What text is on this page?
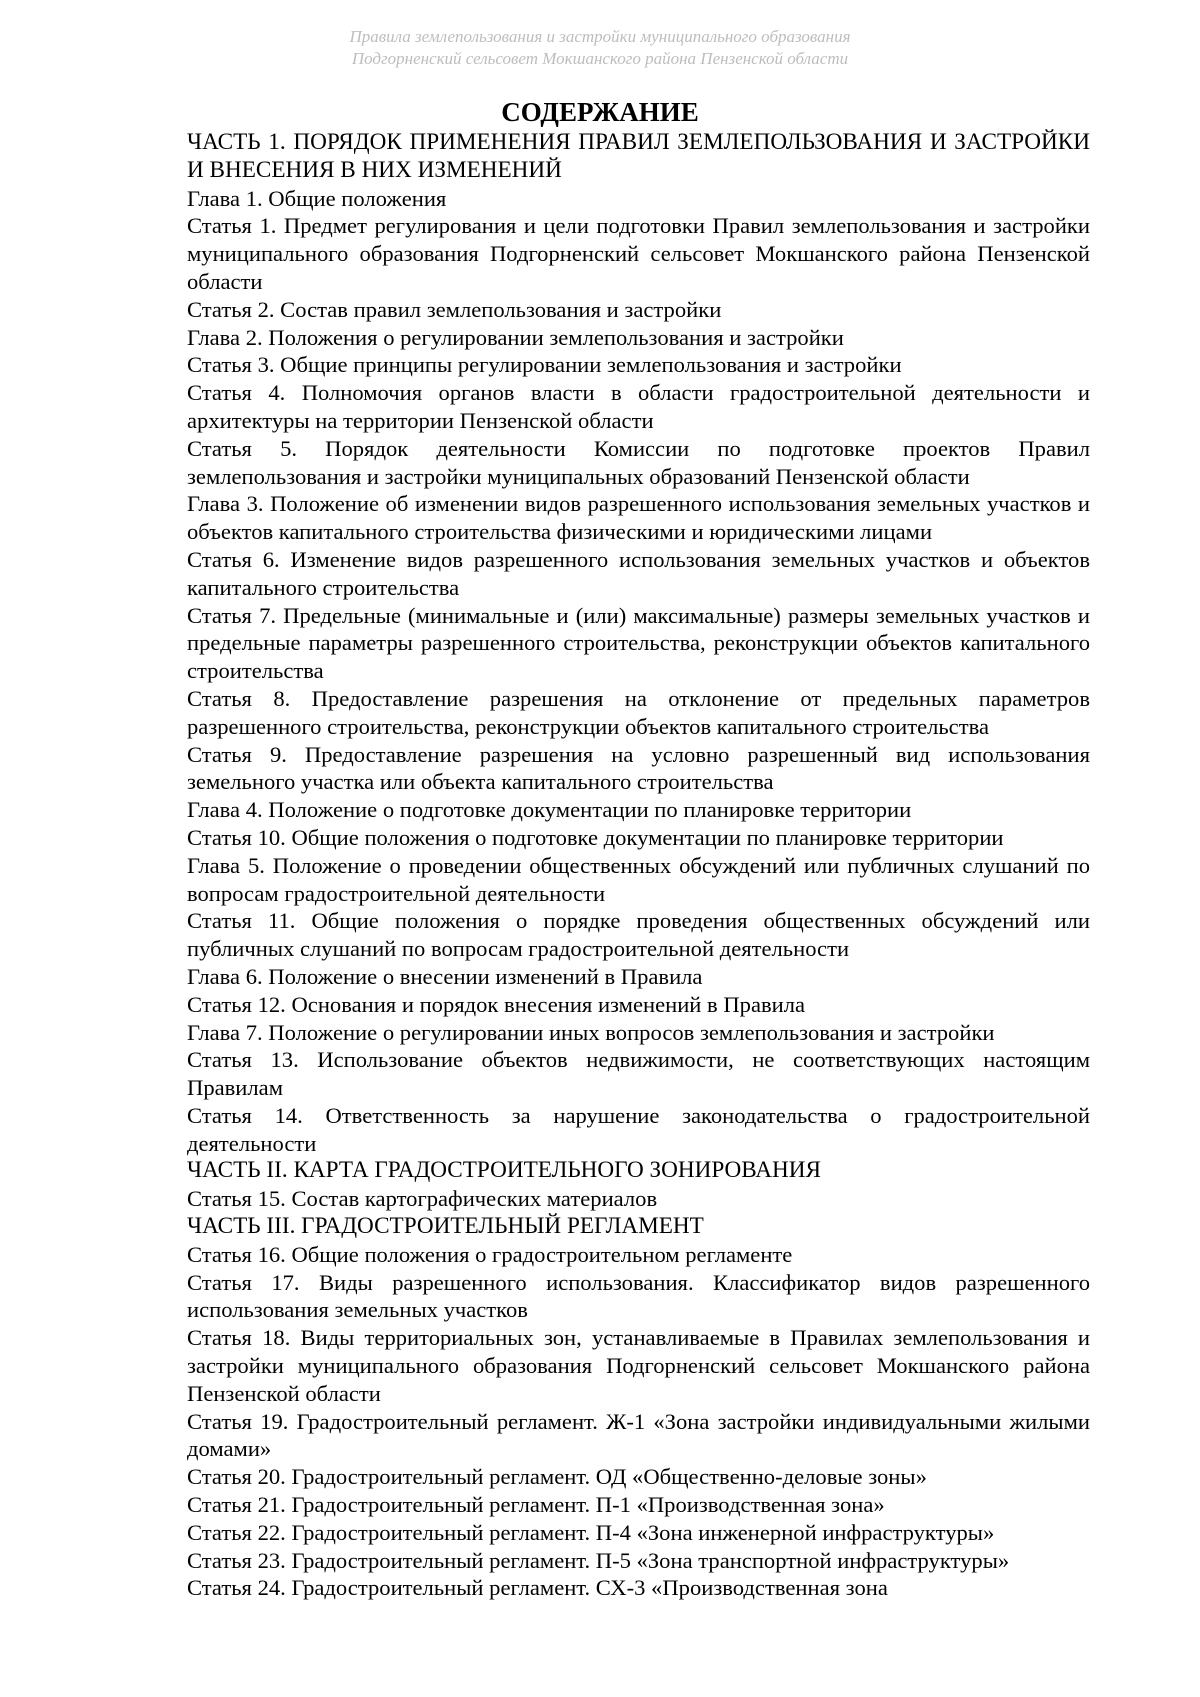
Правила землепользования и застройки муниципального образования
Подгорненский сельсовет Мокшанского района Пензенской области
СОДЕРЖАНИЕ
ЧАСТЬ 1. ПОРЯДОК ПРИМЕНЕНИЯ ПРАВИЛ ЗЕМЛЕПОЛЬЗОВАНИЯ И ЗАСТРОЙКИ И ВНЕСЕНИЯ В НИХ ИЗМЕНЕНИЙ
Глава 1. Общие положения
Статья 1. Предмет регулирования и цели подготовки Правил землепользования и застройки муниципального образования Подгорненский сельсовет Мокшанского района Пензенской области
Статья 2. Состав правил землепользования и застройки
Глава 2. Положения о регулировании землепользования и застройки
Статья 3. Общие принципы регулировании землепользования и застройки
Статья 4. Полномочия органов власти в области градостроительной деятельности и архитектуры на территории Пензенской области
Статья 5. Порядок деятельности Комиссии по подготовке проектов Правил землепользования и застройки муниципальных образований Пензенской области
Глава 3. Положение об изменении видов разрешенного использования земельных участков и объектов капитального строительства физическими и юридическими лицами
Статья 6. Изменение видов разрешенного использования земельных участков и объектов капитального строительства
Статья 7. Предельные (минимальные и (или) максимальные) размеры земельных участков и предельные параметры разрешенного строительства, реконструкции объектов капитального строительства
Статья 8. Предоставление разрешения на отклонение от предельных параметров разрешенного строительства, реконструкции объектов капитального строительства
Статья 9. Предоставление разрешения на условно разрешенный вид использования земельного участка или объекта капитального строительства
Глава 4. Положение о подготовке документации по планировке территории
Статья 10. Общие положения о подготовке документации по планировке территории
Глава 5. Положение о проведении общественных обсуждений или публичных слушаний по вопросам градостроительной деятельности
Статья 11. Общие положения о порядке проведения общественных обсуждений или публичных слушаний по вопросам градостроительной деятельности
Глава 6. Положение о внесении изменений в Правила
Статья 12. Основания и порядок внесения изменений в Правила
Глава 7. Положение о регулировании иных вопросов землепользования и застройки
Статья 13. Использование объектов недвижимости, не соответствующих настоящим Правилам
Статья 14. Ответственность за нарушение законодательства о градостроительной деятельности
ЧАСТЬ II. КАРТА ГРАДОСТРОИТЕЛЬНОГО ЗОНИРОВАНИЯ
Статья 15. Состав картографических материалов
ЧАСТЬ III. ГРАДОСТРОИТЕЛЬНЫЙ РЕГЛАМЕНТ
Статья 16. Общие положения о градостроительном регламенте
Статья 17. Виды разрешенного использования. Классификатор видов разрешенного использования земельных участков
Статья 18. Виды территориальных зон, устанавливаемые в Правилах землепользования и застройки муниципального образования Подгорненский сельсовет Мокшанского района Пензенской области
Статья 19. Градостроительный регламент. Ж-1 «Зона застройки индивидуальными жилыми домами»
Статья 20. Градостроительный регламент. ОД «Общественно-деловые зоны»
Статья 21. Градостроительный регламент. П-1 «Производственная зона»
Статья 22. Градостроительный регламент. П-4 «Зона инженерной инфраструктуры»
Статья 23. Градостроительный регламент. П-5 «Зона транспортной инфраструктуры»
Статья 24. Градостроительный регламент. СХ-3 «Производственная зона
